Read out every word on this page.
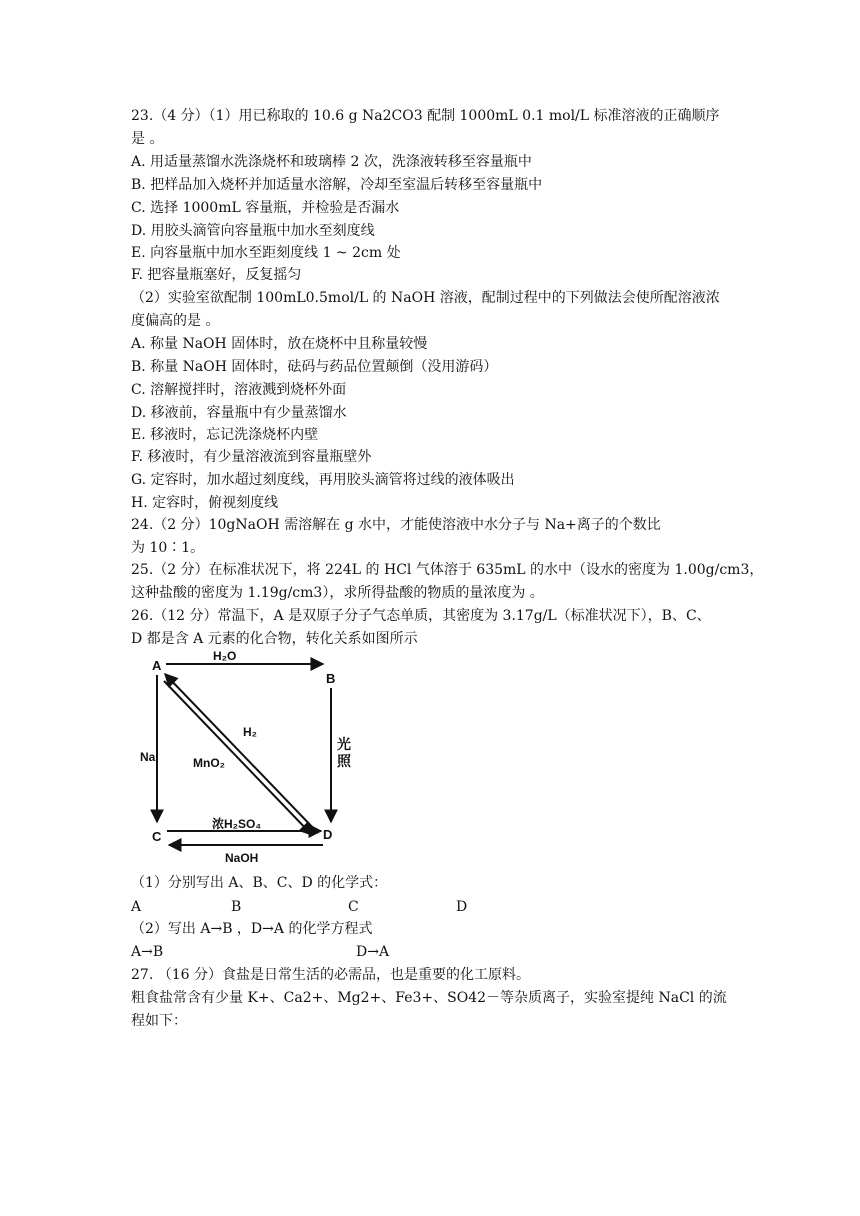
23.（4 分）（1）用已称取的 10.6 g Na2CO3 配制 1000mL 0.1 mol/L 标准溶液的正确顺序
是 。
A. 用适量蒸馏水洗涤烧杯和玻璃棒 2 次，洗涤液转移至容量瓶中
B. 把样品加入烧杯并加适量水溶解，冷却至室温后转移至容量瓶中
C. 选择 1000mL 容量瓶，并检验是否漏水
D. 用胶头滴管向容量瓶中加水至刻度线
E. 向容量瓶中加水至距刻度线 1 ~ 2cm 处
F. 把容量瓶塞好，反复摇匀
（2）实验室欲配制 100mL0.5mol/L 的 NaOH 溶液，配制过程中的下列做法会使所配溶液浓
度偏高的是 。
A. 称量 NaOH 固体时，放在烧杯中且称量较慢
B. 称量 NaOH 固体时，砝码与药品位置颠倒（没用游码）
C. 溶解搅拌时，溶液溅到烧杯外面
D. 移液前，容量瓶中有少量蒸馏水
E. 移液时，忘记洗涤烧杯内壁
F. 移液时，有少量溶液流到容量瓶壁外
G. 定容时，加水超过刻度线，再用胶头滴管将过线的液体吸出
H. 定容时，俯视刻度线
24.（2 分）10gNaOH 需溶解在 g 水中，才能使溶液中水分子与 Na+离子的个数比
为 10∶1。
25.（2 分）在标准状况下，将 224L 的 HCl 气体溶于 635mL 的水中（设水的密度为 1.00g/cm3，
这种盐酸的密度为 1.19g/cm3），求所得盐酸的物质的量浓度为 。
26.（12 分）常温下，A 是双原子分子气态单质，其密度为 3.17g/L（标准状况下），B、C、
D 都是含 A 元素的化合物，转化关系如图所示
A
B
C	D
H₂O
H₂
MnO₂
Na
光
照
浓H₂SO₄
NaOH
（1）分别写出 A、B、C、D 的化学式：
A	B	C	D
（2）写出 A→B ，D→A 的化学方程式
A→B	D→A
27. （16 分）食盐是日常生活的必需品，也是重要的化工原料。
粗食盐常含有少量 K+、Ca2+、Mg2+、Fe3+、SO42－等杂质离子，实验室提纯 NaCl 的流
程如下：
